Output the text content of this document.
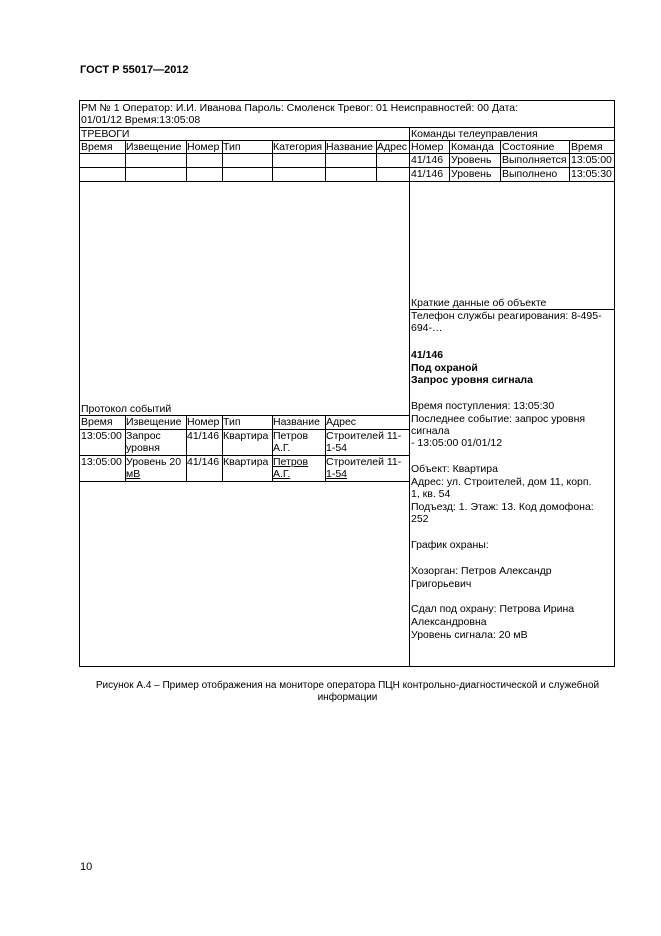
ГОСТ Р 55017—2012
РМ № 1 Оператор: И.И. Иванова Пароль: Смоленск Тревог: 01 Неисправностей: 00 Дата:
01/01/12 Время:13:05:08
ТРЕВОГИ
Время Извещение Номер Тип	Категория Название Адрес
Команды телеуправления
Номер Команда Состояние Время
41/146 Уровень Выполняется 13:05:00
41/146 Уровень Выполнено 13:05:30
Краткие данные об объекте
Телефон службы реагирования: 8-495-
694-…
41/146
Под охраной
Запрос уровня сигнала
Время поступления: 13:05:30
Последнее событие: запрос уровня
сигнала
- 13:05:00 01/01/12
Объект: Квартира
Адрес: ул. Строителей, дом 11, корп.
1, кв. 54
Подъезд: 1. Этаж: 13. Код домофона:
252
График охраны:
Хозорган: Петров Александр
Григорьевич
Сдал под охрану: Петрова Ирина
Александровна
Уровень сигнала: 20 мВ
Протокол событий
Время Извещение Номер Тип	Название Адрес
13:05:00 Запрос
уровня
41/146 Квартира Петров
А.Г.
Строителей 11-
1-54
13:05:00 Уровень 20
мВ
41/146 Квартира Петров
А.Г.
Строителей 11-
1-54
Рисунок А.4 – Пример отображения на мониторе оператора ПЦН контрольно-диагностической и служебной
информации
10
